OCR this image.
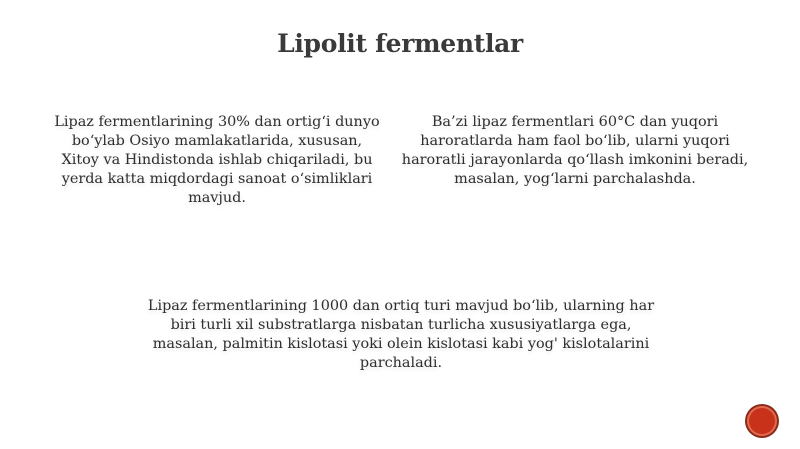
Lipolit fermentlar
Lipaz fermentlarining 30% dan ortig‘i dunyo bo‘ylab Osiyo mamlakatlarida, xususan, Xitoy va Hindistonda ishlab chiqariladi, bu yerda katta miqdordagi sanoat o‘simliklari mavjud.
Ba’zi lipaz fermentlari 60°C dan yuqori haroratlarda ham faol bo‘lib, ularni yuqori haroratli jarayonlarda qo‘llash imkonini beradi, masalan, yog‘larni parchalashda.
Lipaz fermentlarining 1000 dan ortiq turi mavjud bo‘lib, ularning har biri turli xil substratlarga nisbatan turlicha xususiyatlarga ega, masalan, palmitin kislotasi yoki olein kislotasi kabi yog' kislotalarini parchaladi.
